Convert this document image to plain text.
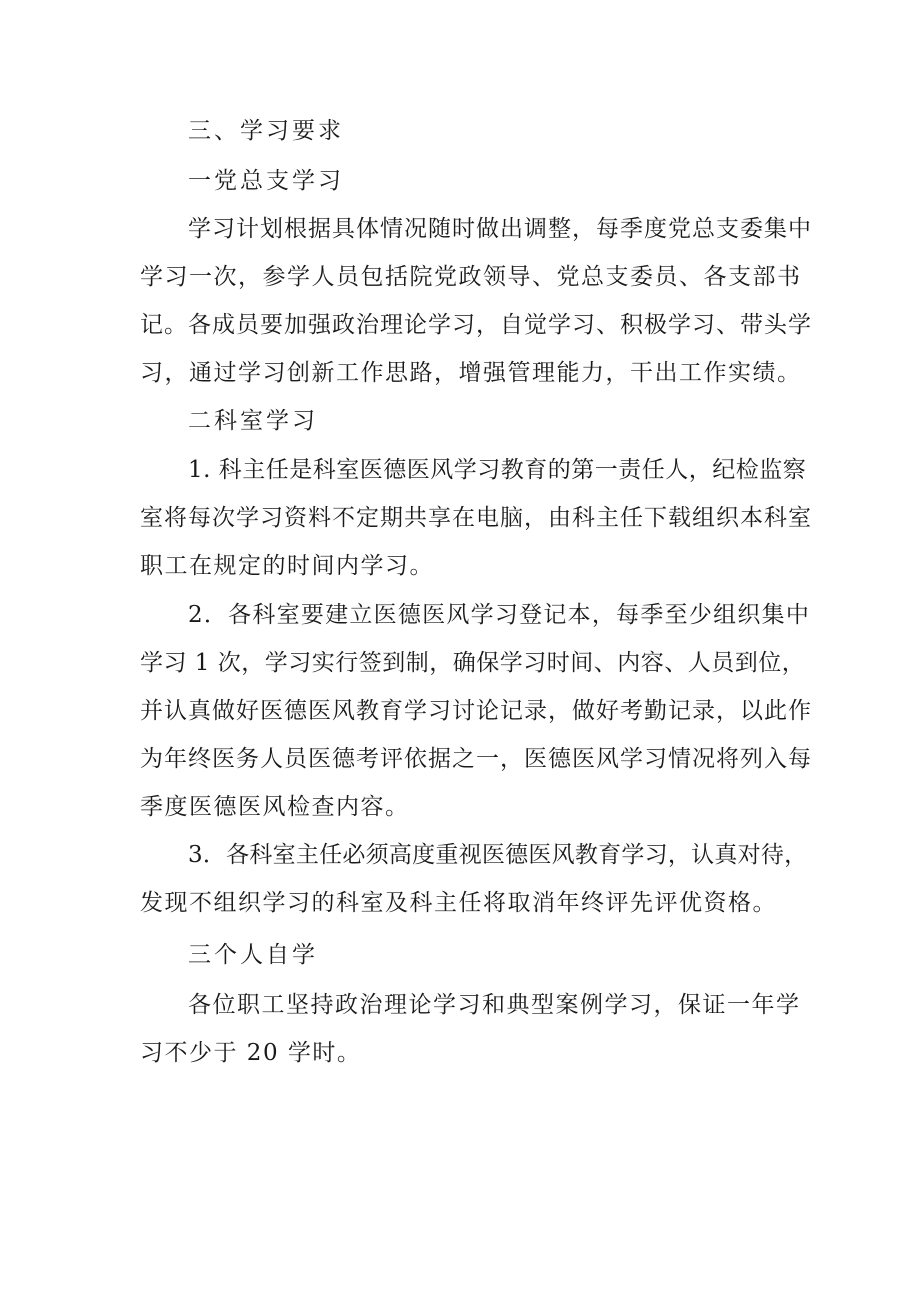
三、学习要求
一党总支学习
学习计划根据具体情况随时做出调整，每季度党总支委集中
学习一次，参学人员包括院党政领导、党总支委员、各支部书
记。各成员要加强政治理论学习，自觉学习、积极学习、带头学
习，通过学习创新工作思路，增强管理能力，干出工作实绩。
二科室学习
1. 科主任是科室医德医风学习教育的第一责任人，纪检监察
室将每次学习资料不定期共享在电脑，由科主任下载组织本科室
职工在规定的时间内学习。
2．各科室要建立医德医风学习登记本，每季至少组织集中
学习 1 次，学习实行签到制，确保学习时间、内容、人员到位，
并认真做好医德医风教育学习讨论记录，做好考勤记录，以此作
为年终医务人员医德考评依据之一，医德医风学习情况将列入每
季度医德医风检查内容。
3．各科室主任必须高度重视医德医风教育学习，认真对待，
发现不组织学习的科室及科主任将取消年终评先评优资格。
三个人自学
各位职工坚持政治理论学习和典型案例学习，保证一年学
习不少于 20 学时。
